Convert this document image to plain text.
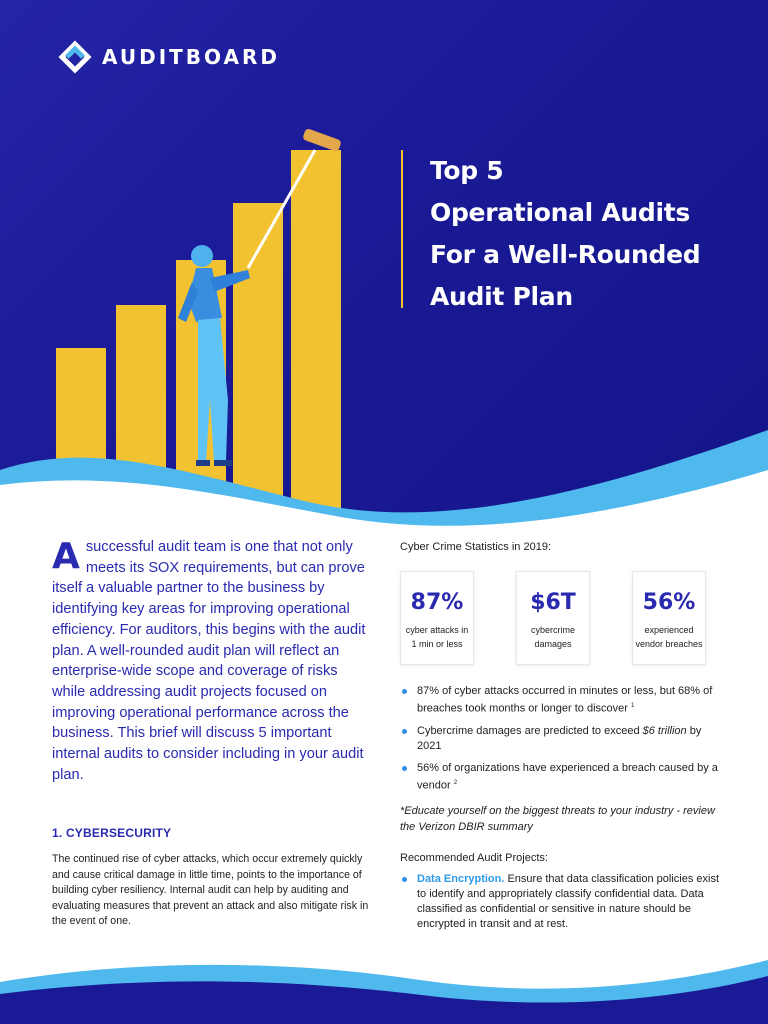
AUDITBOARD
Top 5
Operational Audits
For a Well-Rounded
Audit Plan
A successful audit team is one that not only meets its SOX requirements, but can prove itself a valuable partner to the business by identifying key areas for improving operational efficiency. For auditors, this begins with the audit plan. A well-rounded audit plan will reflect an enterprise-wide scope and coverage of risks while addressing audit projects focused on improving operational performance across the business. This brief will discuss 5 important internal audits to consider including in your audit plan.
1. CYBERSECURITY
The continued rise of cyber attacks, which occur extremely quickly and cause critical damage in little time, points to the importance of building cyber resiliency. Internal audit can help by auditing and evaluating measures that prevent an attack and also mitigate risk in the event of one.
Cyber Crime Statistics in 2019:
87%
cyber attacks in 1 min or less
$6T
cybercrime damages
56%
experienced vendor breaches
87% of cyber attacks occurred in minutes or less, but 68% of breaches took months or longer to discover $^1$
Cybercrime damages are predicted to exceed $6 trillion by 2021
56% of organizations have experienced a breach caused by a vendor $^2$
*Educate yourself on the biggest threats to your industry - review the Verizon DBIR summary
Recommended Audit Projects:
Data Encryption. Ensure that data classification policies exist to identify and appropriately classify confidential data. Data classified as confidential or sensitive in nature should be encrypted in transit and at rest.
